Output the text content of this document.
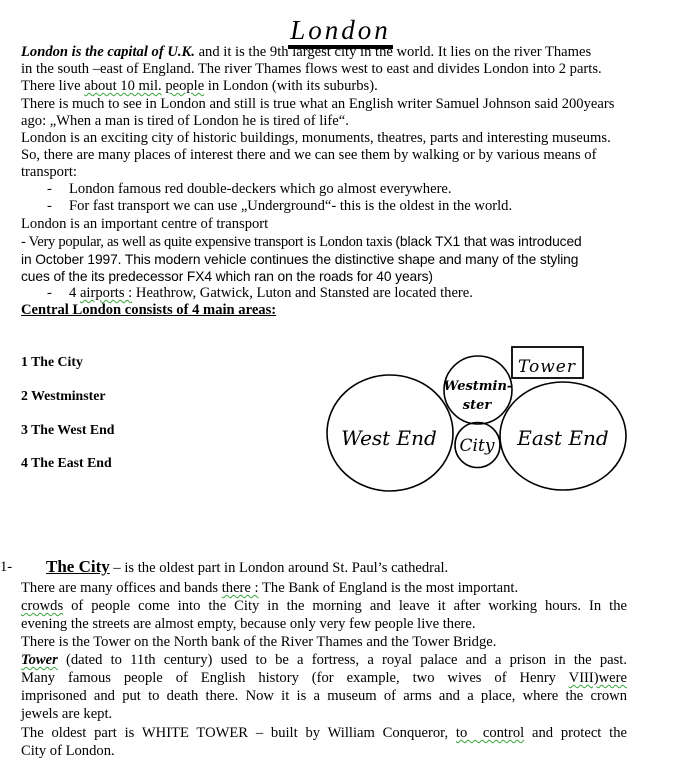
London
London is the capital of U.K. and it is the 9th largest city in the world. It lies on the river Thames
in the south –east of England. The river Thames flows west to east and divides London into 2 parts.
There live about 10 mil. people in London (with its suburbs).
There is much to see in London and still is true what an English writer Samuel Johnson said 200years
ago: „When a man is tired of London he is tired of life“.
London is an exciting city of historic buildings, monuments, theatres, parts and interesting museums.
So, there are many places of interest there and we can see them by walking or by various means of
transport:
- London famous red double-deckers which go almost everywhere.
- For fast transport we can use „Underground“- this is the oldest in the world.
London is an important centre of transport
- Very popular, as well as quite expensive transport is London taxis (black TX1 that was introduced
in October 1997. This modern vehicle continues the distinctive shape and many of the styling
cues of the its predecessor FX4 which ran on the roads for 40 years)
- 4 airports : Heathrow, Gatwick, Luton and Stansted are located there.
Central London consists of 4 main areas:
1 The City
2 Westminster
3 The West End
4 The East End
West End
Westmin-
ster
City East End
Tower
1- The City – is the oldest part in London around St. Paul’s cathedral.
There are many offices and bands there : The Bank of England is the most important.
crowds of people come into the City in the morning and leave it after working hours. In the
evening the streets are almost empty, because only very few people live there.
There is the Tower on the North bank of the River Thames and the Tower Bridge.
Tower (dated to 11th century) used to be a fortress, a royal palace and a prison in the past.
Many famous people of English history (for example, two wives of Henry VIII)were
imprisoned and put to death there. Now it is a museum of arms and a place, where the crown
jewels are kept.
The oldest part is WHITE TOWER – built by William Conqueror, to  control and protect the
City of London.
